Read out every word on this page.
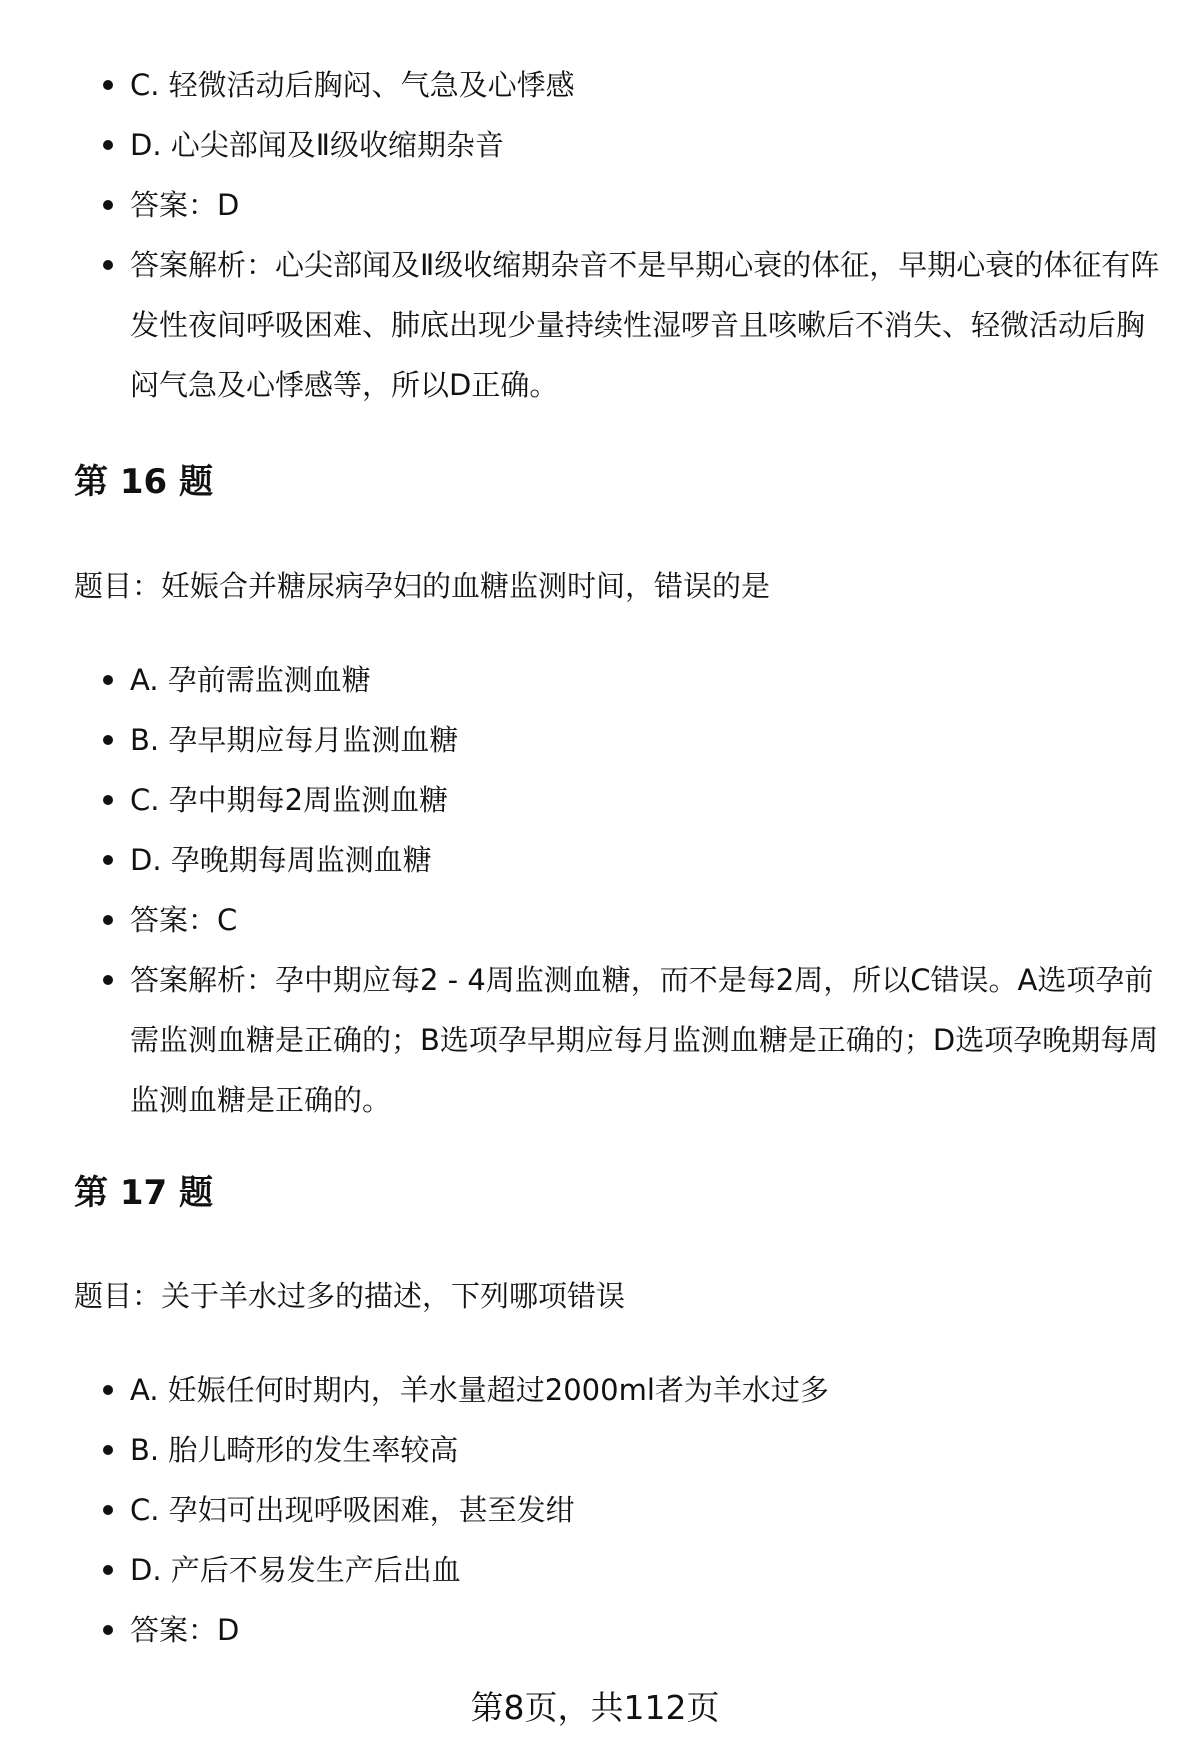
C. 轻微活动后胸闷、气急及心悸感
D. 心尖部闻及Ⅱ级收缩期杂音
答案：D
答案解析：心尖部闻及Ⅱ级收缩期杂音不是早期心衰的体征，早期心衰的体征有阵发性夜间呼吸困难、肺底出现少量持续性湿啰音且咳嗽后不消失、轻微活动后胸闷气急及心悸感等，所以D正确。
第 16 题

题目：妊娠合并糖尿病孕妇的血糖监测时间，错误的是

A. 孕前需监测血糖
B. 孕早期应每月监测血糖
C. 孕中期每2周监测血糖
D. 孕晚期每周监测血糖
答案：C
答案解析：孕中期应每2 - 4周监测血糖，而不是每2周，所以C错误。A选项孕前需监测血糖是正确的；B选项孕早期应每月监测血糖是正确的；D选项孕晚期每周监测血糖是正确的。
第 17 题

题目：关于羊水过多的描述，下列哪项错误

A. 妊娠任何时期内，羊水量超过2000ml者为羊水过多
B. 胎儿畸形的发生率较高
C. 孕妇可出现呼吸困难，甚至发绀
D. 产后不易发生产后出血
答案：D
第8页，共112页
